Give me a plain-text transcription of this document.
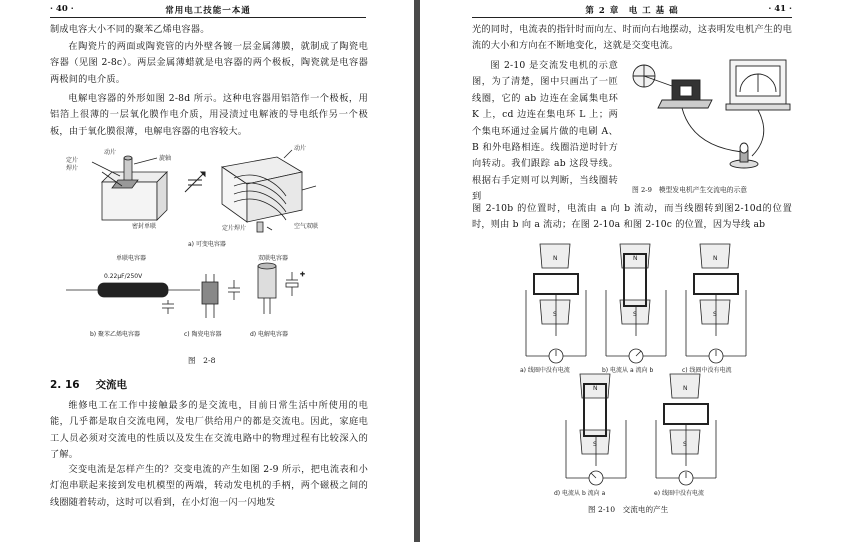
· 40 ·	常用电工技能一本通
制成电容大小不同的聚苯乙烯电容器。
在陶瓷片的两面或陶瓷管的内外壁各镀一层金属薄膜，就制成了陶瓷电容器（见图 2-8c）。两层金属薄蜡就是电容器的两个极板，陶瓷就是电容器两极间的电介质。
电解电容器的外形如图 2-8d 所示。这种电容器用铝箔作一个极板，用铝箔上很薄的一层氧化膜作电介质，用浸渍过电解液的导电纸作另一个极板，由于氧化膜很薄，电解电容器的电容较大。
动片
定片
焊片
旋轴
密封单联
动片
定片焊片	空气双联
a) 可变电容器
单联电容器	双联电容器
0.22μF/250V	+
b) 聚苯乙烯电容器	c) 陶瓷电容器	d) 电解电容器
图　2-8
2. 16 交流电
维修电工在工作中接触最多的是交流电，目前日常生活中所使用的电能，几乎都是取自交流电网，发电厂供给用户的都是交流电。因此，家庭电工人员必须对交流电的性质以及发生在交流电路中的物理过程有比较深入的了解。
交变电流是怎样产生的？交变电流的产生如图 2-9 所示，把电流表和小灯泡串联起来接到发电机模型的两端，转动发电机的手柄，两个磁极之间的线圈随着转动，这时可以看到，在小灯泡一闪一闪地发
第 2 章　电 工 基 础	· 41 ·
光的同时，电流表的指针时而向左、时而向右地摆动，这表明发电机产生的电流的大小和方向在不断地变化，这就是交变电流。
图 2-10 是交流发电机的示意图，为了清楚，图中只画出了一匝线圈，它的 ab 边连在金属集电环 K 上，cd 边连在集电环 L 上；两个集电环通过金属片做的电刷 A、B 和外电路相连。线圈沿逆时针方向转动。我们跟踪 ab 这段导线。根据右手定则可以判断，当线圈转到
图 2-9　模型发电机产生交流电的示意
图 2-10b 的位置时，电流由 a 向 b 流动，而当线圈转到图2-10d的位置时，则由 b 向 a 流动；在图 2-10a 和图 2-10c 的位置，因为导线 ab
N
S
N
S
N
S
N
S
N
S
a) 线圈中没有电流	b) 电流从 a 流向 b	c) 线圈中没有电流
d) 电流从 b 流向 a	e) 线圈中没有电流
图 2-10　交流电的产生
